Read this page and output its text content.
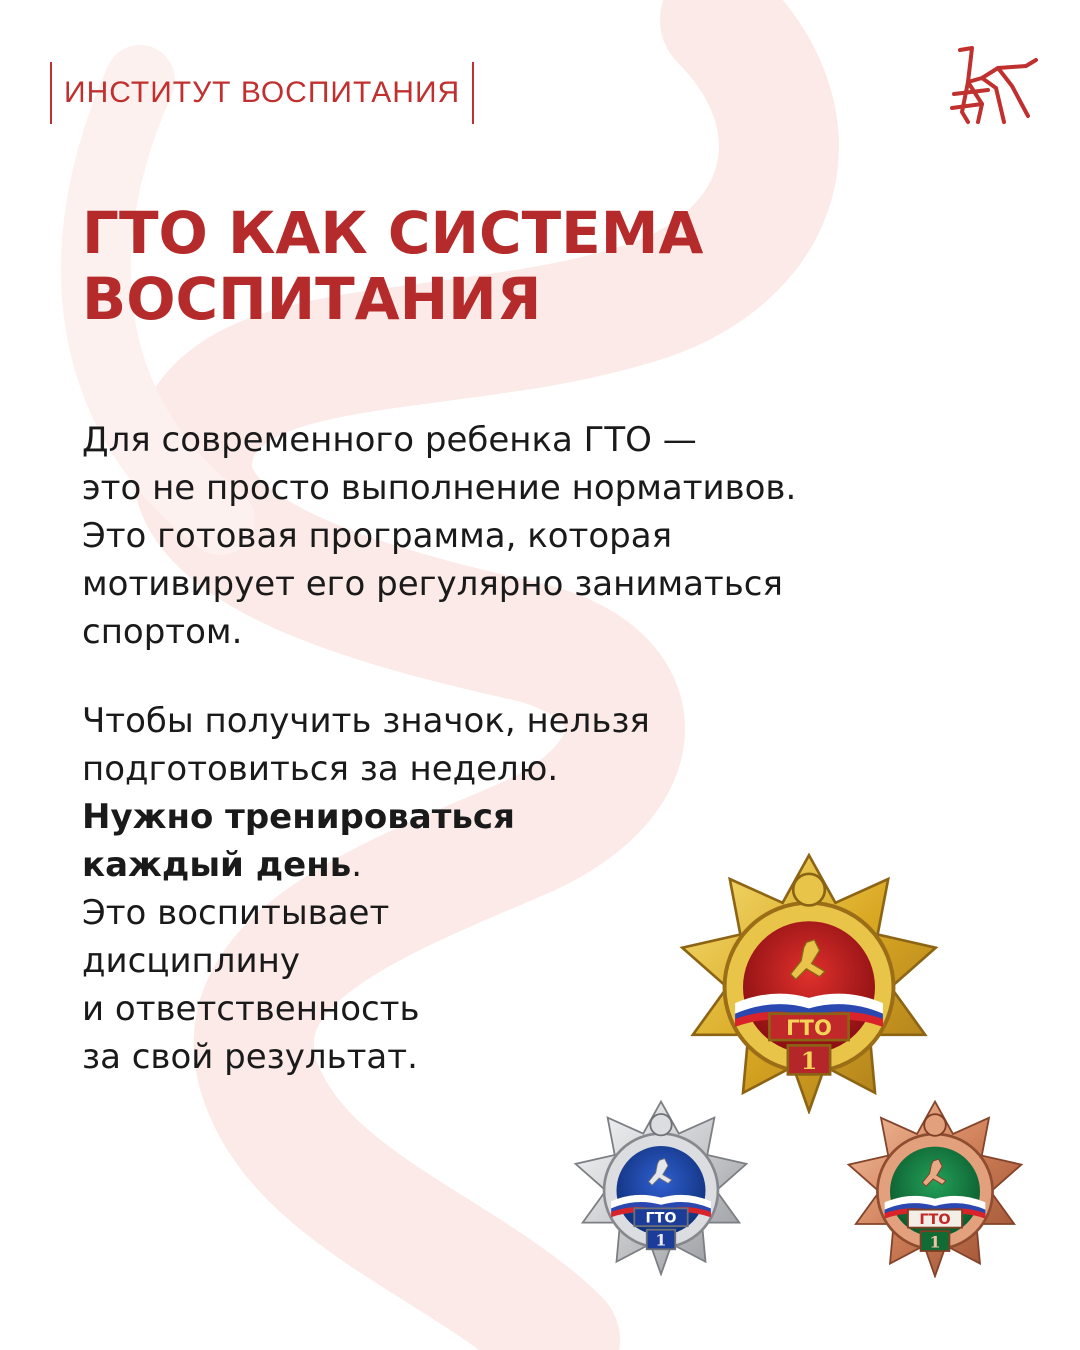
ИНСТИТУТ ВОСПИТАНИЯ
ГТО КАК СИСТЕМА
ВОСПИТАНИЯ
Для современного ребенка ГТО —
это не просто выполнение нормативов.
Это готовая программа, которая
мотивирует его регулярно заниматься
спортом.
Чтобы получить значок, нельзя
подготовиться за неделю.
Нужно тренироваться
каждый день.
Это воспитывает
дисциплину
и ответственность
за свой результат.
ГТО
1
ГТО
1
ГТО
1
